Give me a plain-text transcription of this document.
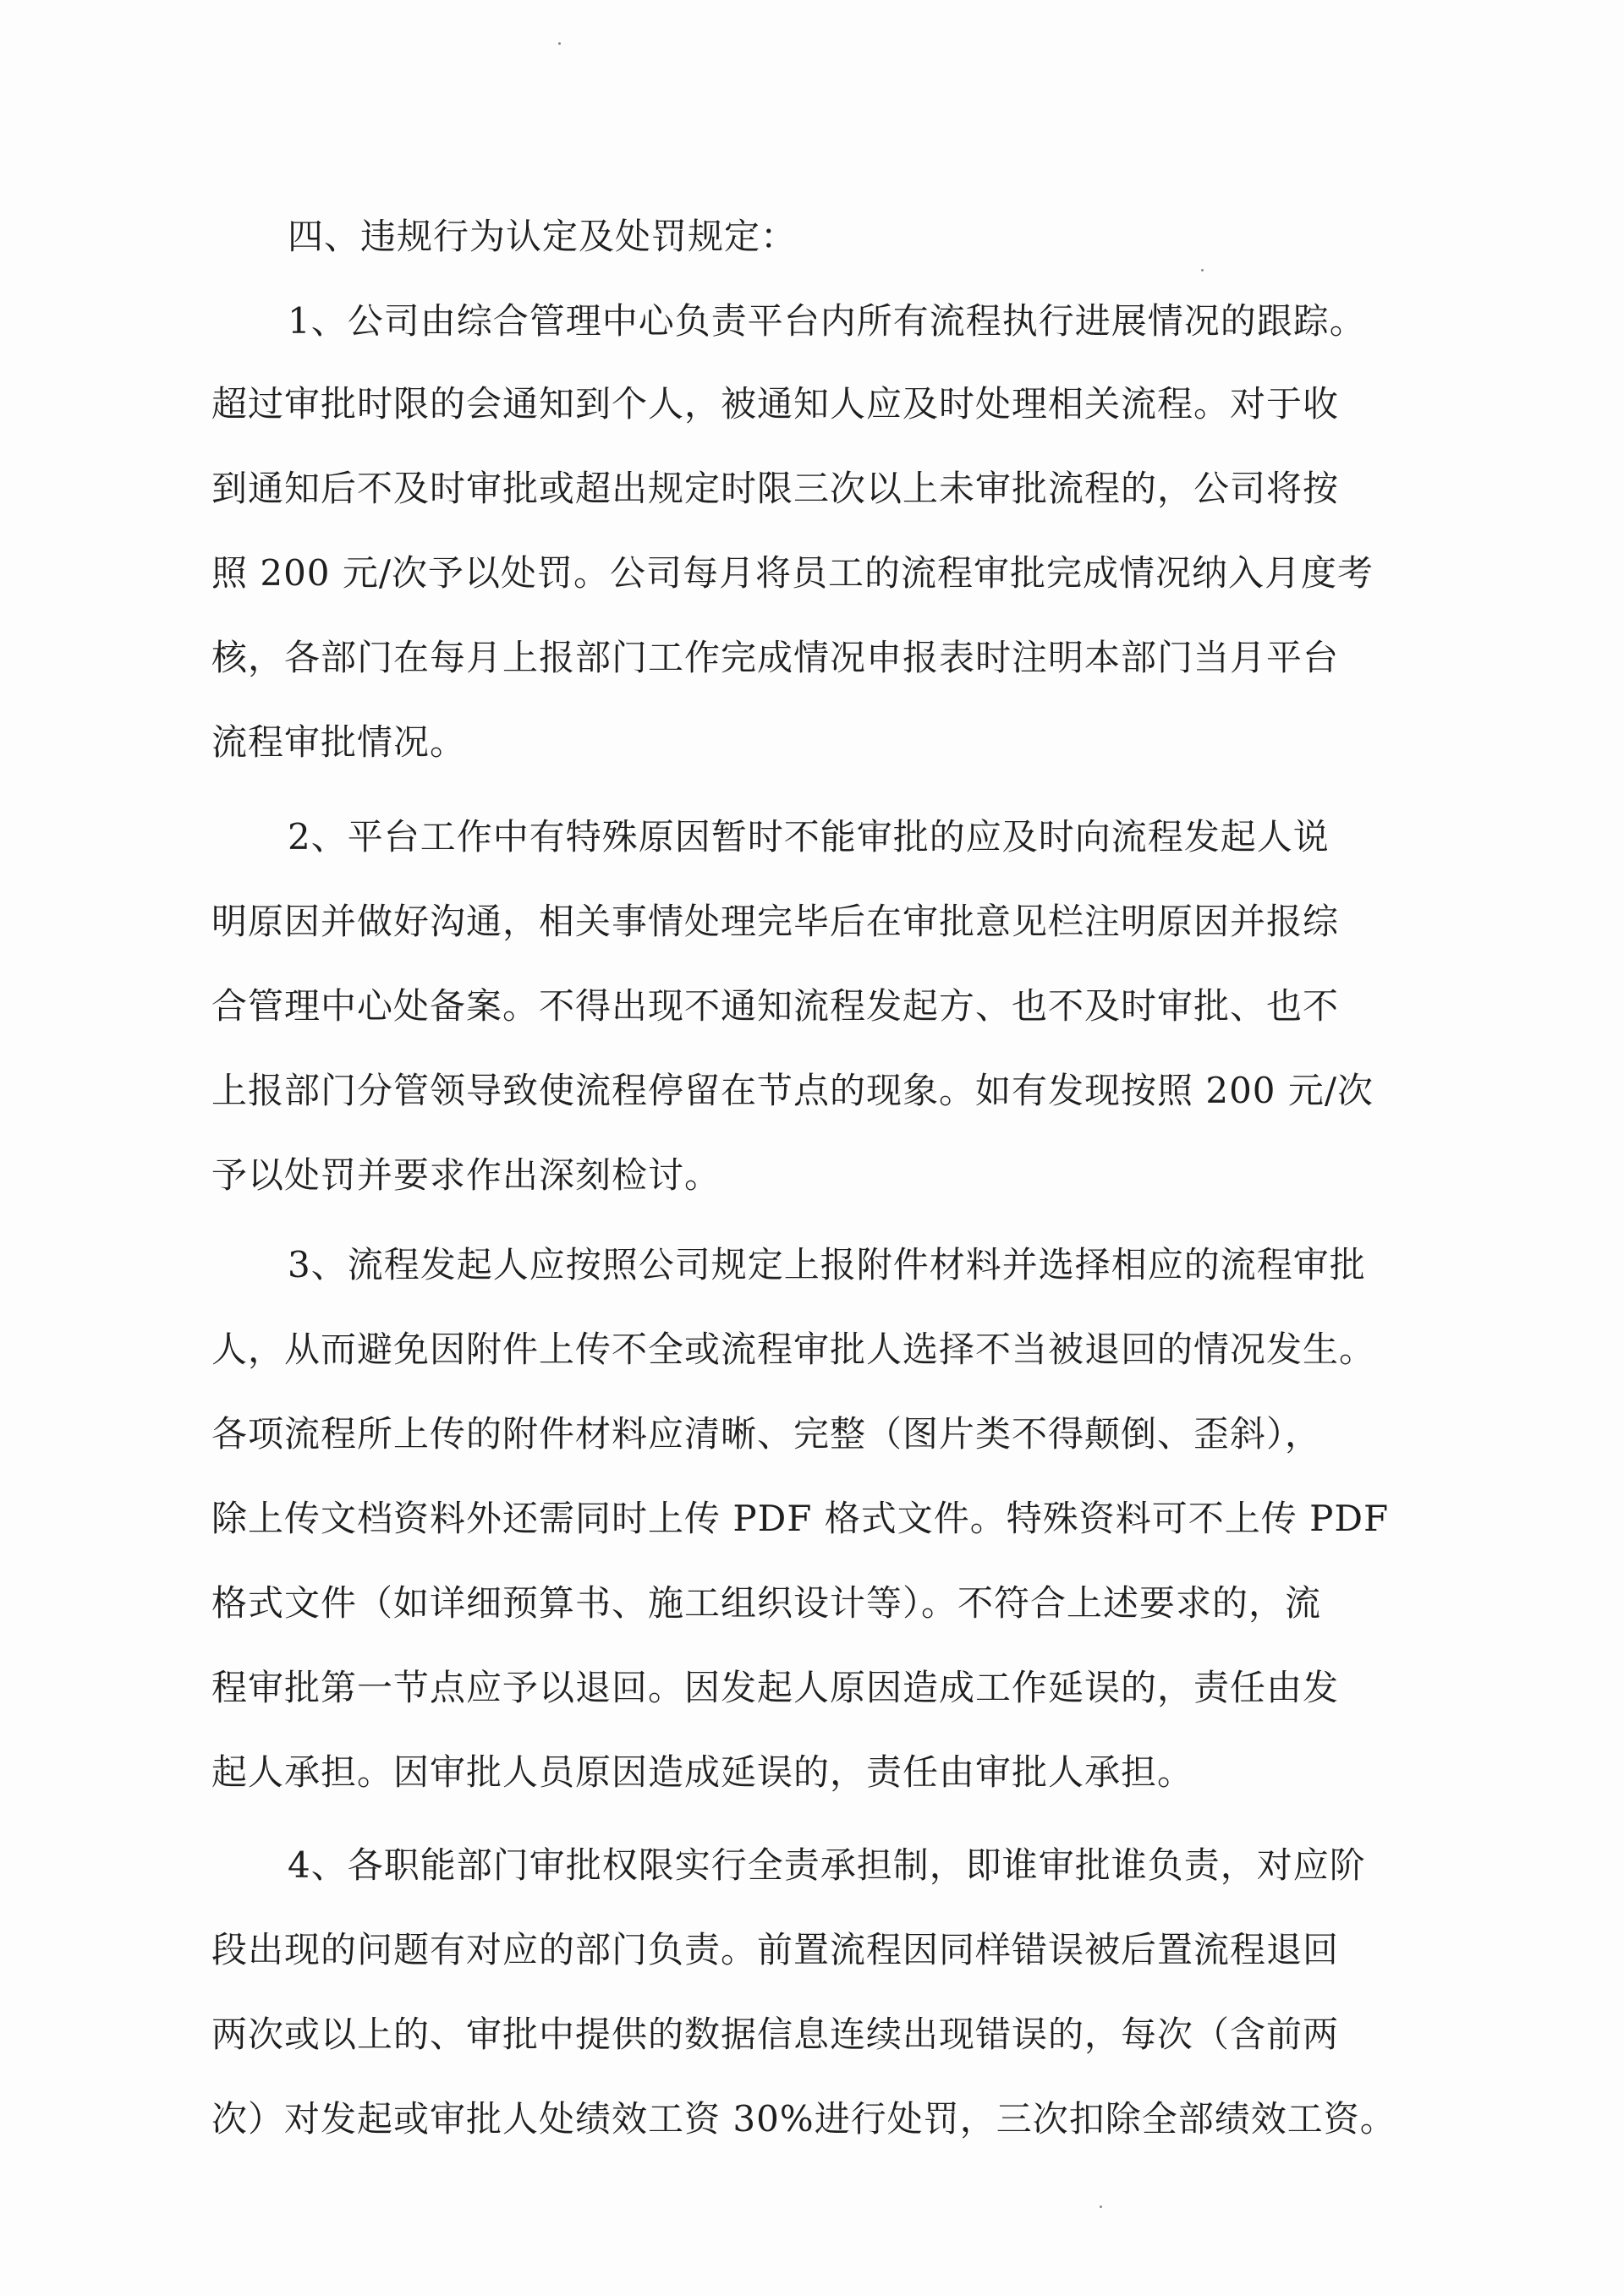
四、违规行为认定及处罚规定：
1、公司由综合管理中心负责平台内所有流程执行进展情况的跟踪。
超过审批时限的会通知到个人，被通知人应及时处理相关流程。对于收
到通知后不及时审批或超出规定时限三次以上未审批流程的，公司将按
照 200 元/次予以处罚。公司每月将员工的流程审批完成情况纳入月度考
核，各部门在每月上报部门工作完成情况申报表时注明本部门当月平台
流程审批情况。
2、平台工作中有特殊原因暂时不能审批的应及时向流程发起人说
明原因并做好沟通，相关事情处理完毕后在审批意见栏注明原因并报综
合管理中心处备案。不得出现不通知流程发起方、也不及时审批、也不
上报部门分管领导致使流程停留在节点的现象。如有发现按照 200 元/次
予以处罚并要求作出深刻检讨。
3、流程发起人应按照公司规定上报附件材料并选择相应的流程审批
人，从而避免因附件上传不全或流程审批人选择不当被退回的情况发生。
各项流程所上传的附件材料应清晰、完整（图片类不得颠倒、歪斜），
除上传文档资料外还需同时上传 PDF 格式文件。特殊资料可不上传 PDF
格式文件（如详细预算书、施工组织设计等）。不符合上述要求的，流
程审批第一节点应予以退回。因发起人原因造成工作延误的，责任由发
起人承担。因审批人员原因造成延误的，责任由审批人承担。
4、各职能部门审批权限实行全责承担制，即谁审批谁负责，对应阶
段出现的问题有对应的部门负责。前置流程因同样错误被后置流程退回
两次或以上的、审批中提供的数据信息连续出现错误的，每次（含前两
次）对发起或审批人处绩效工资 30%进行处罚，三次扣除全部绩效工资。
